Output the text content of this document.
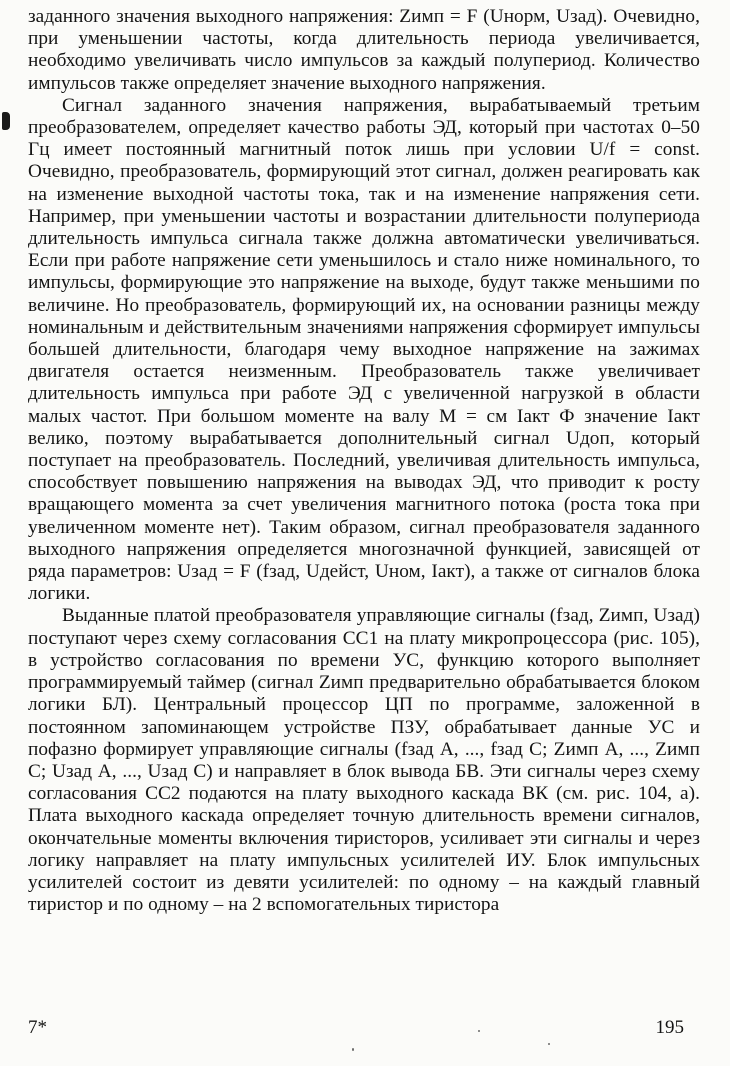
заданного значения выходного напряжения: Zимп = F (Uнорм, Uзад). Очевидно, при уменьшении частоты, когда длительность периода увеличивается, необходимо увеличивать число импульсов за каждый полупериод. Количество импульсов также определяет значение выходного напряжения.

Сигнал заданного значения напряжения, вырабатываемый третьим преобразователем, определяет качество работы ЭД, который при частотах 0–50 Гц имеет постоянный магнитный поток лишь при условии U/f = const. Очевидно, преобразователь, формирующий этот сигнал, должен реагировать как на изменение выходной частоты тока, так и на изменение напряжения сети. Например, при уменьшении частоты и возрастании длительности полупериода длительность импульса сигнала также должна автоматически увеличиваться. Если при работе напряжение сети уменьшилось и стало ниже номинального, то импульсы, формирующие это напряжение на выходе, будут также меньшими по величине. Но преобразователь, формирующий их, на основании разницы между номинальным и действительным значениями напряжения сформирует импульсы большей длительности, благодаря чему выходное напряжение на зажимах двигателя остается неизменным. Преобразователь также увеличивает длительность импульса при работе ЭД с увеличенной нагрузкой в области малых частот. При большом моменте на валу M = cм Iакт Ф значение Iакт велико, поэтому вырабатывается дополнительный сигнал Uдоп, который поступает на преобразователь. Последний, увеличивая длительность импульса, способствует повышению напряжения на выводах ЭД, что приводит к росту вращающего момента за счет увеличения магнитного потока (роста тока при увеличенном моменте нет). Таким образом, сигнал преобразователя заданного выходного напряжения определяется многозначной функцией, зависящей от ряда параметров: Uзад = F (fзад, Uдейст, Uном, Iакт), а также от сигналов блока логики.

Выданные платой преобразователя управляющие сигналы (fзад, Zимп, Uзад) поступают через схему согласования CC1 на плату микропроцессора (рис. 105), в устройство согласования по времени УС, функцию которого выполняет программируемый таймер (сигнал Zимп предварительно обрабатывается блоком логики БЛ). Центральный процессор ЦП по программе, заложенной в постоянном запоминающем устройстве ПЗУ, обрабатывает данные УС и пофазно формирует управляющие сигналы (fзад A, ..., fзад C; Zимп A, ..., Zимп C; Uзад A, ..., Uзад C) и направляет в блок вывода БВ. Эти сигналы через схему согласования CC2 подаются на плату выходного каскада ВК (см. рис. 104, а). Плата выходного каскада определяет точную длительность времени сигналов, окончательные моменты включения тиристоров, усиливает эти сигналы и через логику направляет на плату импульсных усилителей ИУ. Блок импульсных усилителей состоит из девяти усилителей: по одному – на каждый главный тиристор и по одному – на 2 вспомогательных тиристора

7*	195
